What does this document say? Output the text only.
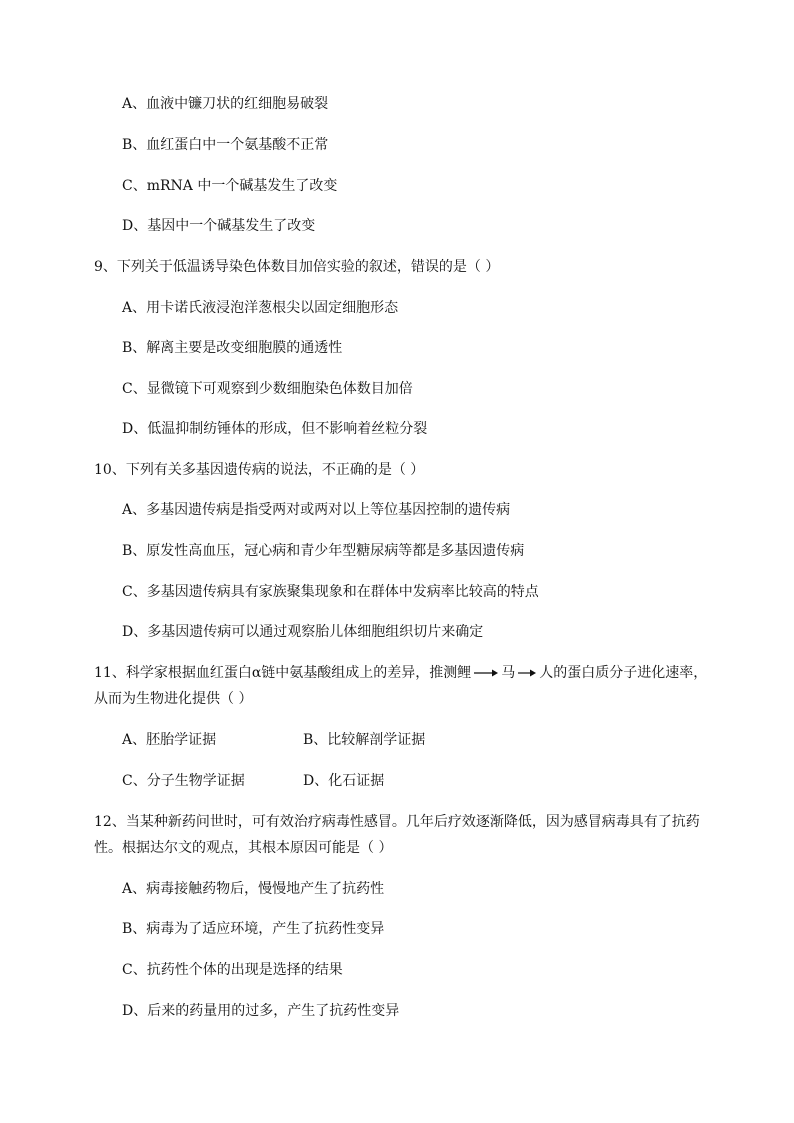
A、血液中镰刀状的红细胞易破裂
B、血红蛋白中一个氨基酸不正常
C、mRNA 中一个碱基发生了改变
D、基因中一个碱基发生了改变
9、下列关于低温诱导染色体数目加倍实验的叙述，错误的是（ ）
A、用卡诺氏液浸泡洋葱根尖以固定细胞形态
B、解离主要是改变细胞膜的通透性
C、显微镜下可观察到少数细胞染色体数目加倍
D、低温抑制纺锤体的形成，但不影响着丝粒分裂
10、下列有关多基因遗传病的说法，不正确的是（ ）
A、多基因遗传病是指受两对或两对以上等位基因控制的遗传病
B、原发性高血压，冠心病和青少年型糖尿病等都是多基因遗传病
C、多基因遗传病具有家族聚集现象和在群体中发病率比较高的特点
D、多基因遗传病可以通过观察胎儿体细胞组织切片来确定
11、科学家根据血红蛋白α链中氨基酸组成上的差异，推测鲤 马 人的蛋白质分子进化速率，
从而为生物进化提供（ ）
A、胚胎学证据	B、比较解剖学证据
C、分子生物学证据	D、化石证据
12、当某种新药问世时，可有效治疗病毒性感冒。几年后疗效逐渐降低，因为感冒病毒具有了抗药
性。根据达尔文的观点，其根本原因可能是（ ）
A、病毒接触药物后，慢慢地产生了抗药性
B、病毒为了适应环境，产生了抗药性变异
C、抗药性个体的出现是选择的结果
D、后来的药量用的过多，产生了抗药性变异
